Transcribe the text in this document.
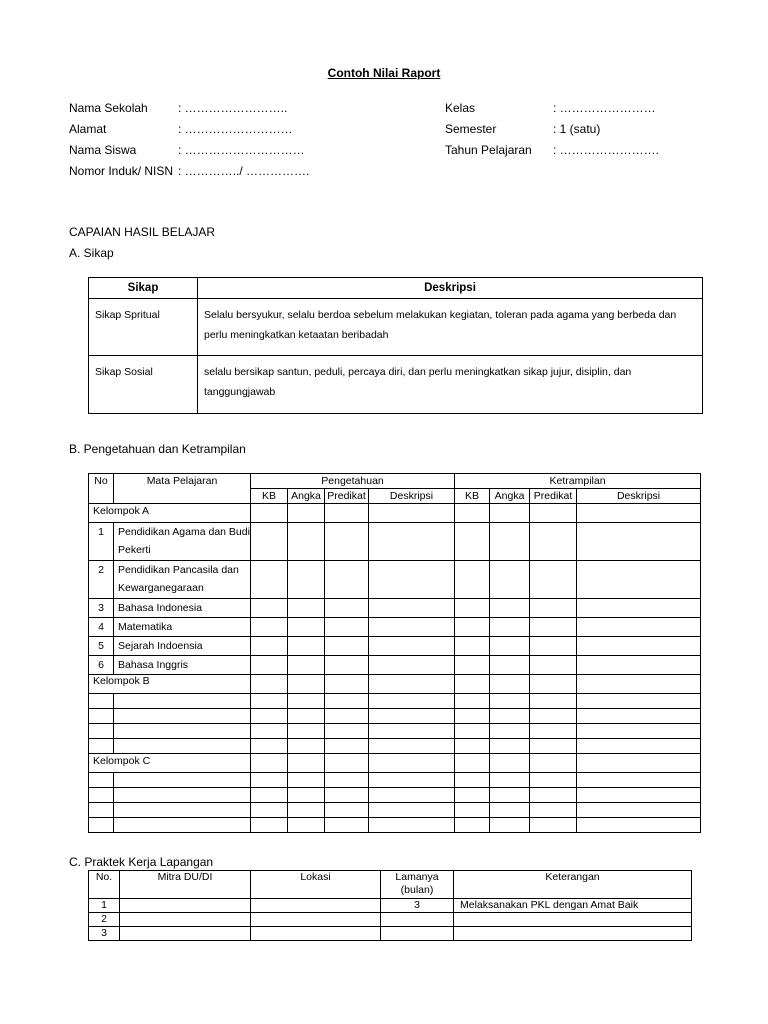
Contoh Nilai Raport
Nama Sekolah	: ……………………..
Alamat	: ………………………
Nama Siswa	: …………………………
Nomor Induk/ NISN : …………../ …………….
Kelas	: ……………………
Semester	: 1 (satu)
Tahun Pelajaran : …………………….
CAPAIAN HASIL BELAJAR
A. Sikap
Sikap	Deskripsi
Sikap Spritual	Selalu bersyukur, selalu berdoa sebelum melakukan kegiatan, toleran pada agama yang berbeda dan perlu meningkatkan ketaatan beribadah
Sikap Sosial	selalu bersikap santun, peduli, percaya diri, dan perlu meningkatkan sikap jujur, disiplin, dan tanggungjawab
B. Pengetahuan dan Ketrampilan
No	Mata Pelajaran	Pengetahuan				Ketrampilan			
		KB	Angka	Predikat	Deskripsi	KB	Angka	Predikat	Deskripsi
Kelompok A									
1	Pendidikan Agama dan Budi Pekerti								
2	Pendidikan Pancasila dan Kewarganegaraan								
3	Bahasa Indonesia								
4	Matematika								
5	Sejarah Indoensia								
6	Bahasa Inggris								
Kelompok B									

Kelompok C									

C. Praktek Kerja Lapangan
No.	Mitra DU/DI	Lokasi	Lamanya (bulan)	Keterangan
1			3	Melaksanakan PKL dengan Amat Baik
2				
3				
